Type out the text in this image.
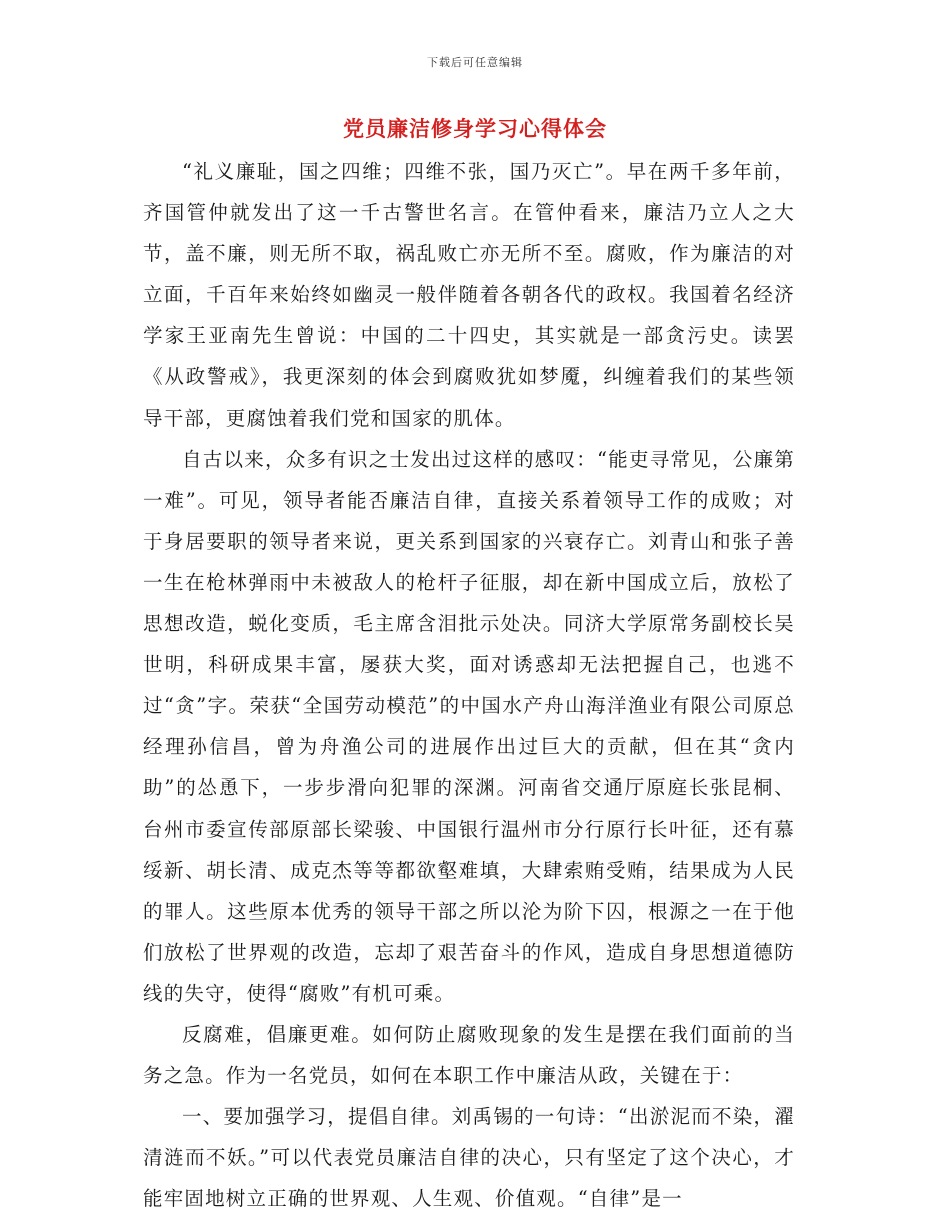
下载后可任意编辑
党员廉洁修身学习心得体会

“礼义廉耻，国之四维；四维不张，国乃灭亡”。早在两千多年前，齐国管仲就发出了这一千古警世名言。在管仲看来，廉洁乃立人之大节，盖不廉，则无所不取，祸乱败亡亦无所不至。腐败，作为廉洁的对立面，千百年来始终如幽灵一般伴随着各朝各代的政权。我国着名经济学家王亚南先生曾说：中国的二十四史，其实就是一部贪污史。读罢《从政警戒》，我更深刻的体会到腐败犹如梦魇，纠缠着我们的某些领导干部，更腐蚀着我们党和国家的肌体。

自古以来，众多有识之士发出过这样的感叹：“能吏寻常见，公廉第一难”。可见，领导者能否廉洁自律，直接关系着领导工作的成败；对于身居要职的领导者来说，更关系到国家的兴衰存亡。刘青山和张子善一生在枪林弹雨中未被敌人的枪杆子征服，却在新中国成立后，放松了思想改造，蜕化变质，毛主席含泪批示处决。同济大学原常务副校长吴世明，科研成果丰富，屡获大奖，面对诱惑却无法把握自己，也逃不过“贪”字。荣获“全国劳动模范”的中国水产舟山海洋渔业有限公司原总经理孙信昌，曾为舟渔公司的进展作出过巨大的贡献，但在其“贪内助”的怂恿下，一步步滑向犯罪的深渊。河南省交通厅原庭长张昆桐、台州市委宣传部原部长梁骏、中国银行温州市分行原行长叶征，还有慕绥新、胡长清、成克杰等等都欲壑难填，大肆索贿受贿，结果成为人民的罪人。这些原本优秀的领导干部之所以沦为阶下囚，根源之一在于他们放松了世界观的改造，忘却了艰苦奋斗的作风，造成自身思想道德防线的失守，使得“腐败”有机可乘。

反腐难，倡廉更难。如何防止腐败现象的发生是摆在我们面前的当务之急。作为一名党员，如何在本职工作中廉洁从政，关键在于：

一、要加强学习，提倡自律。刘禹锡的一句诗：“出淤泥而不染，濯清涟而不妖。”可以代表党员廉洁自律的决心，只有坚定了这个决心，才能牢固地树立正确的世界观、人生观、价值观。“自律”是一
